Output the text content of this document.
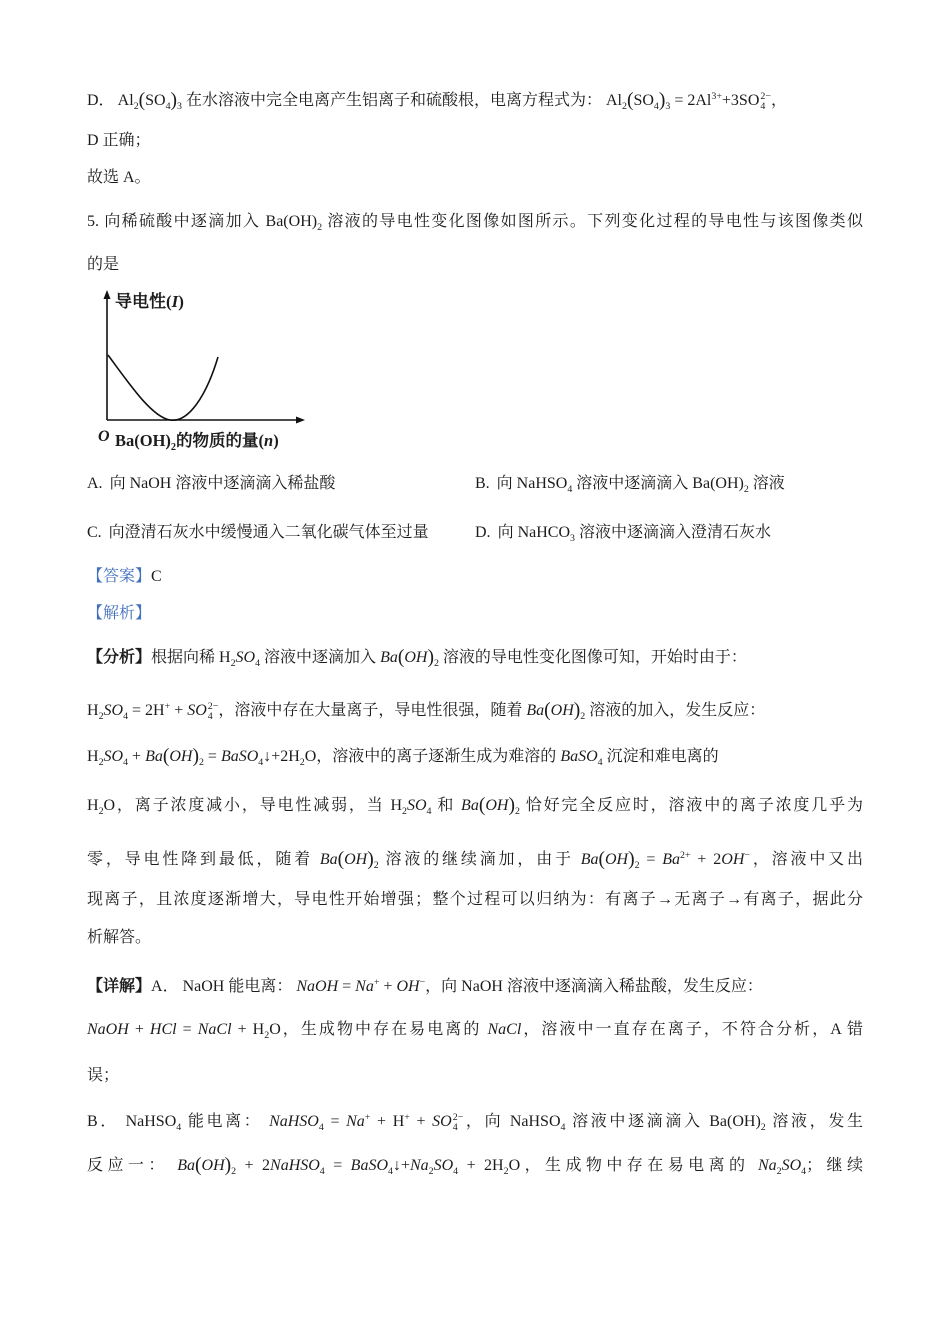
D． $Al_2(SO_4)_3$ 在水溶液中完全电离产生铝离子和硫酸根，电离方程式为： $Al_2(SO_4)_3 = 2Al^{3+}+3SO$ 2−
4 ，
D 正确；
故选 A。
5. 向稀硫酸中逐滴加入 $Ba(OH)_2$ 溶液的导电性变化图像如图所示。下列变化过程的导电性与该图像类似
的是
导电性(I)
O $Ba(OH)_2$的物质的量(n)
A. 向 NaOH 溶液中逐滴滴入稀盐酸	B. 向 NaHSO$_4$ 溶液中逐滴滴入 $Ba(OH)_2$ 溶液
C. 向澄清石灰水中缓慢通入二氧化碳气体至过量	D. 向 NaHCO$_3$ 溶液中逐滴滴入澄清石灰水
【答案】C
【解析】
【分析】根据向稀 $H_2SO_4$ 溶液中逐滴加入 $Ba(OH)_2$ 溶液的导电性变化图像可知，开始时由于：
$H_2SO_4 = 2H^+$ + SO 2−
4 ，溶液中存在大量离子，导电性很强，随着 $Ba(OH)_2$ 溶液的加入，发生反应：
$H_2SO_4 + Ba(OH)_2$ = $BaSO_4↓+2H_2O$，溶液中的离子逐渐生成为难溶的 BaSO$_4$ 沉淀和难电离的
$H_2O$，离子浓度减小，导电性减弱，当 $H_2SO_4$ 和 $Ba(OH)_2$ 恰好完全反应时，溶液中的离子浓度几乎为
零，导电性降到最低，随着 $Ba(OH)_2$ 溶液的继续滴加，由于 $Ba(OH)_2 = Ba^{2+} + 2OH^-$，溶液中又出
现离子，且浓度逐渐增大，导电性开始增强；整个过程可以归纳为：有离子→无离子→有离子，据此分
析解答。
【详解】A． NaOH 能电离： NaOH = Na+ + OH−，向 NaOH 溶液中逐滴滴入稀盐酸，发生反应：
NaOH + HCl = NaCl + $H_2O$，生成物中存在易电离的 NaCl，溶液中一直存在离子，不符合分析，A 错
误；
B． NaHSO$_4$ 能电离： NaHSO$_4$ = Na+ + H+ + SO 2−
4 ，向 NaHSO$_4$ 溶液中逐滴滴入 $Ba(OH)_2$ 溶液，发生
反应一： $Ba(OH)_2$ + 2NaHSO$_4$ = $BaSO_4↓+Na_2SO_4 + 2H_2O$，生成物中存在易电离的 $Na_2SO_4$；继续
